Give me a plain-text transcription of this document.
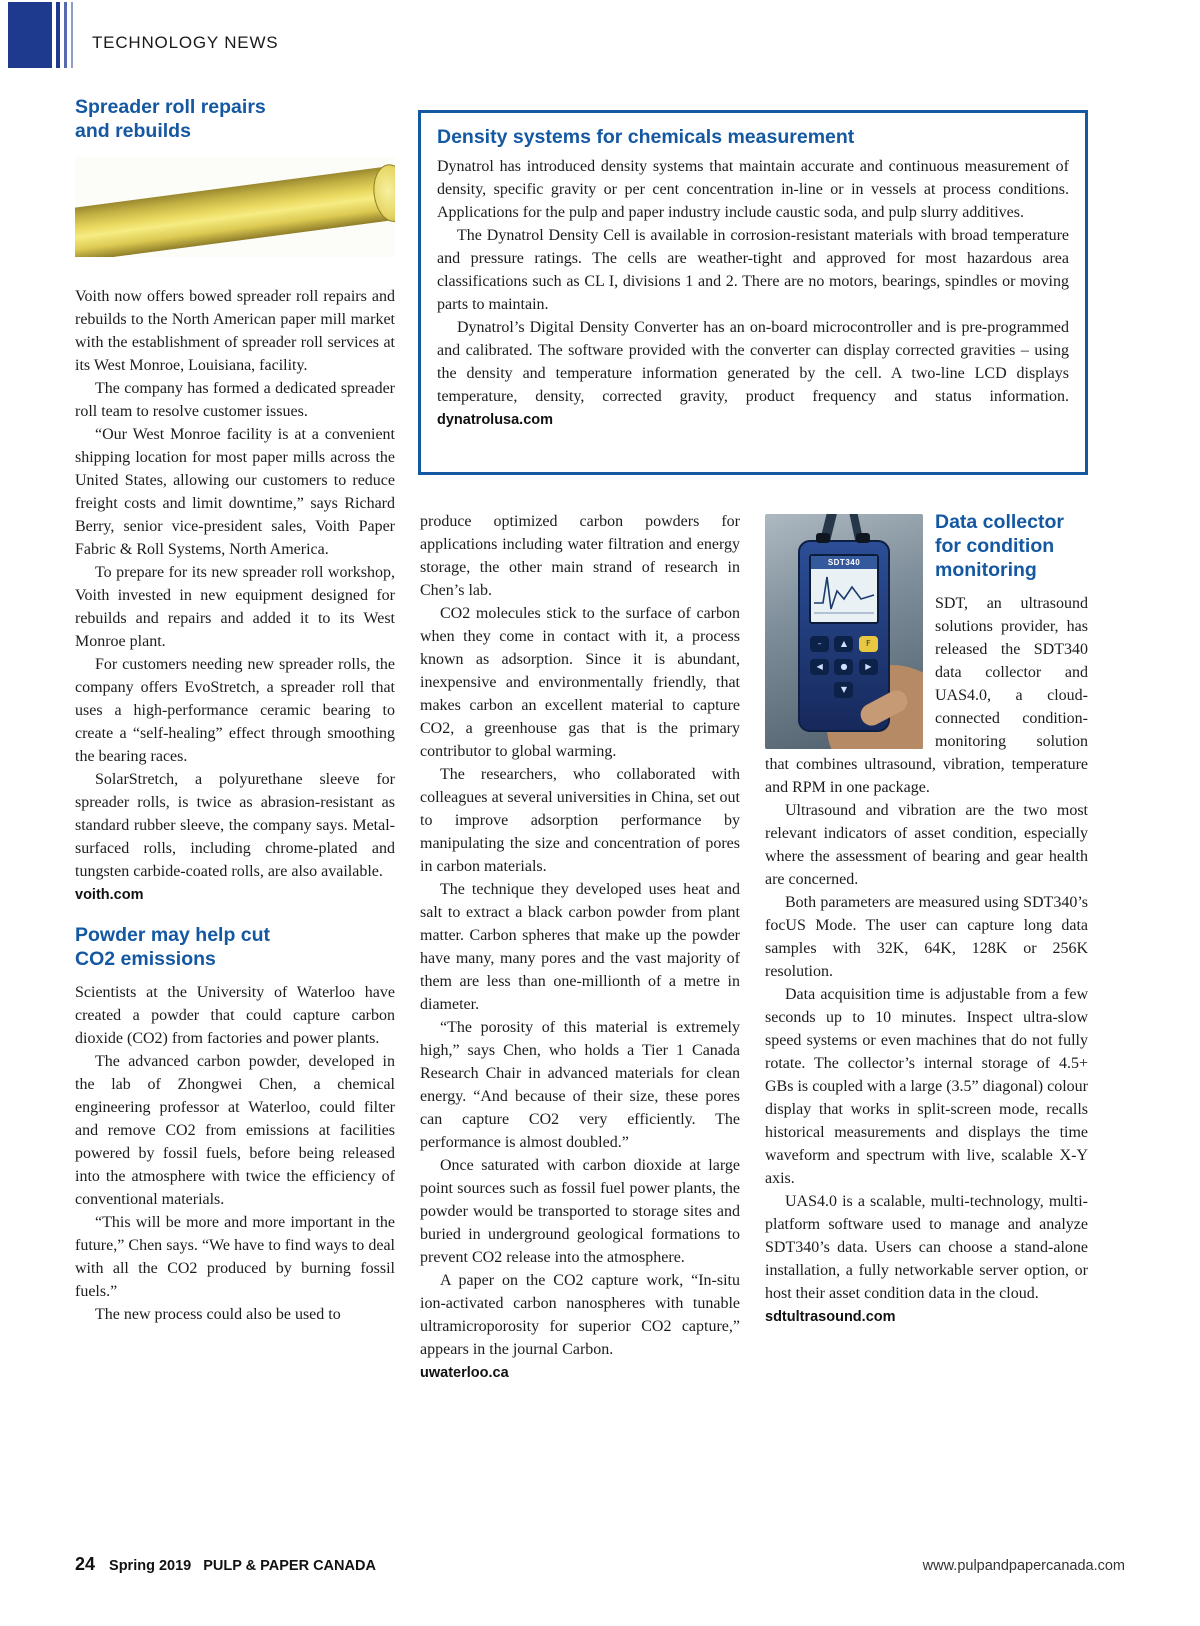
TECHNOLOGY NEWS
Spreader roll repairs
and rebuilds

Voith now offers bowed spreader roll repairs and rebuilds to the North American paper mill market with the establishment of spreader roll services at its West Monroe, Louisiana, facility.

The company has formed a dedicated spreader roll team to resolve customer issues.

“Our West Monroe facility is at a convenient shipping location for most paper mills across the United States, allowing our customers to reduce freight costs and limit downtime,” says Richard Berry, senior vice-president sales, Voith Paper Fabric & Roll Systems, North America.

To prepare for its new spreader roll workshop, Voith invested in new equipment designed for rebuilds and repairs and added it to its West Monroe plant.

For customers needing new spreader rolls, the company offers EvoStretch, a spreader roll that uses a high-performance ceramic bearing to create a “self-healing” effect through smoothing the bearing races.

SolarStretch, a polyurethane sleeve for spreader rolls, is twice as abrasion-resistant as standard rubber sleeve, the company says. Metal-surfaced rolls, including chrome-plated and tungsten carbide-coated rolls, are also available.

voith.com
Powder may help cut
CO2 emissions

Scientists at the University of Waterloo have created a powder that could capture carbon dioxide (CO2) from factories and power plants.

The advanced carbon powder, developed in the lab of Zhongwei Chen, a chemical engineering professor at Waterloo, could filter and remove CO2 from emissions at facilities powered by fossil fuels, before being released into the atmosphere with twice the efficiency of conventional materials.

“This will be more and more important in the future,” Chen says. “We have to find ways to deal with all the CO2 produced by burning fossil fuels.”

The new process could also be used to

Density systems for chemicals measurement

Dynatrol has introduced density systems that maintain accurate and continuous measurement of density, specific gravity or per cent concentration in-line or in vessels at process conditions. Applications for the pulp and paper industry include caustic soda, and pulp slurry additives.

The Dynatrol Density Cell is available in corrosion-resistant materials with broad temperature and pressure ratings. The cells are weather-tight and approved for most hazardous area classifications such as CL I, divisions 1 and 2. There are no motors, bearings, spindles or moving parts to maintain.

Dynatrol’s Digital Density Converter has an on-board microcontroller and is pre-programmed and calibrated. The software provided with the converter can display corrected gravities – using the density and temperature information generated by the cell. A two-line LCD displays temperature, density, corrected gravity, product frequency and status information. dynatrolusa.com

produce optimized carbon powders for applications including water filtration and energy storage, the other main strand of research in Chen’s lab.

CO2 molecules stick to the surface of carbon when they come in contact with it, a process known as adsorption. Since it is abundant, inexpensive and environmentally friendly, that makes carbon an excellent material to capture CO2, a greenhouse gas that is the primary contributor to global warming.

The researchers, who collaborated with colleagues at several universities in China, set out to improve adsorption performance by manipulating the size and concentration of pores in carbon materials.

The technique they developed uses heat and salt to extract a black carbon powder from plant matter. Carbon spheres that make up the powder have many, many pores and the vast majority of them are less than one-millionth of a metre in diameter.

“The porosity of this material is extremely high,” says Chen, who holds a Tier 1 Canada Research Chair in advanced materials for clean energy. “And because of their size, these pores can capture CO2 very efficiently. The performance is almost doubled.”

Once saturated with carbon dioxide at large point sources such as fossil fuel power plants, the powder would be transported to storage sites and buried in underground geological formations to prevent CO2 release into the atmosphere.

A paper on the CO2 capture work, “In-situ ion-activated carbon nanospheres with tunable ultramicroporosity for superior CO2 capture,” appears in the journal Carbon.

uwaterloo.ca
SDT340
–	▲	F
◀	●	▶
▼
Data collector
for condition
monitoring

SDT, an ultrasound solutions provider, has released the SDT340 data collector and UAS4.0, a cloud-connected condition-monitoring solution that combines ultrasound, vibration, temperature and RPM in one package.

Ultrasound and vibration are the two most relevant indicators of asset condition, especially where the assessment of bearing and gear health are concerned.

Both parameters are measured using SDT340’s focUS Mode. The user can capture long data samples with 32K, 64K, 128K or 256K resolution.

Data acquisition time is adjustable from a few seconds up to 10 minutes. Inspect ultra-slow speed systems or even machines that do not fully rotate. The collector’s internal storage of 4.5+ GBs is coupled with a large (3.5” diagonal) colour display that works in split-screen mode, recalls historical measurements and displays the time waveform and spectrum with live, scalable X-Y axis.

UAS4.0 is a scalable, multi-technology, multi-platform software used to manage and analyze SDT340’s data. Users can choose a stand-alone installation, a fully networkable server option, or host their asset condition data in the cloud.

sdtultrasound.com
24 Spring 2019 PULP & PAPER CANADA	www.pulpandpapercanada.com
